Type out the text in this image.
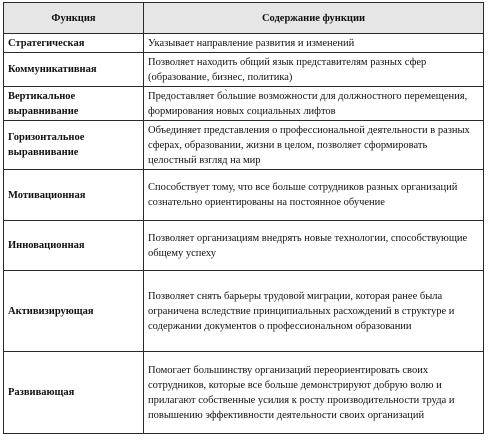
Функция	Содержание функции
Стратегическая	Указывает направление развития и изменений
Коммуникативная	Позволяет находить общий язык представителям разных сфер (образование, бизнес, политика)
Вертикальное выравнивание	Предоставляет бо̀льшие возможности для должностного перемещения, формирования новых социальных лифтов
Горизонтальное выравнивание	Объединяет представления о профессиональной деятельности в разных сферах, образовании, жизни в целом, позволяет сформировать целостный взгляд на мир
Мотивационная	Способствует тому, что все больше сотрудников разных организаций сознательно ориентированы на постоянное обучение
Инновационная	Позволяет организациям внедрять новые технологии, способствующие общему успеху
Активизирующая	Позволяет снять барьеры трудовой миграции, которая ранее была ограничена вследствие принципиальных расхождений в структуре и содержании документов о профессиональном образовании
Развивающая	Помогает большинству организаций переориентировать своих сотрудников, которые все больше демонстрируют добрую волю и прилагают собственные усилия к росту производительности труда и повышению эффективности деятельности своих организаций
